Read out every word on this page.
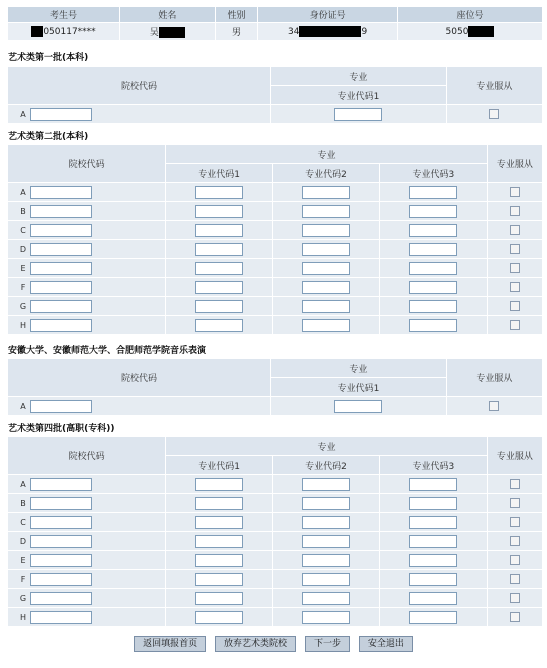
考生号	姓名	性别	身份证号	座位号
050117****	吴	男	34 9	5050
艺术类第一批(本科)
院校代码	专业	专业服从
	专业代码1	
A		
艺术类第二批(本科)
院校代码	专业			专业服从
	专业代码1	专业代码2	专业代码3	
A				
B				
C				
D				
E				
F				
G				
H				
安徽大学、安徽师范大学、合肥师范学院音乐表演
院校代码	专业	专业服从
	专业代码1	
A		
艺术类第四批(高职(专科))
院校代码	专业			专业服从
	专业代码1	专业代码2	专业代码3	
A				
B				
C				
D				
E				
F				
G				
H				
返回填报首页	放弃艺术类院校	下一步	安全退出
